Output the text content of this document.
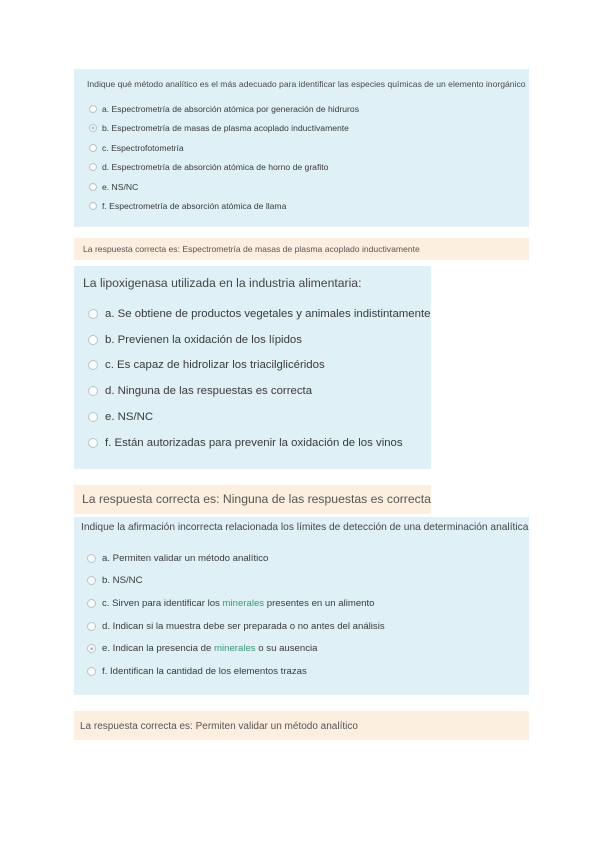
Indique qué método analítico es el más adecuado para identificar las especies químicas de un elemento inorgánico
a. Espectrometría de absorción atómica por generación de hidruros
b. Espectrometría de masas de plasma acoplado inductivamente
c. Espectrofotometría
d. Espectrometría de absorción atómica de horno de grafito
e. NS/NC
f. Espectrometría de absorción atómica de llama
La respuesta correcta es: Espectrometría de masas de plasma acoplado inductivamente
La lipoxigenasa utilizada en la industria alimentaria:
a. Se obtiene de productos vegetales y animales indistintamente
b. Previenen la oxidación de los lípidos
c. Es capaz de hidrolizar los triacilglicéridos
d. Ninguna de las respuestas es correcta
e. NS/NC
f. Están autorizadas para prevenir la oxidación de los vinos
La respuesta correcta es: Ninguna de las respuestas es correcta
Indique la afirmación incorrecta relacionada los límites de detección de una determinación analítica
a. Permiten validar un método analítico
b. NS/NC
c. Sirven para identificar los minerales presentes en un alimento
d. Indican si la muestra debe ser preparada o no antes del análisis
e. Indican la presencia de minerales o su ausencia
f. Identifican la cantidad de los elementos trazas
La respuesta correcta es: Permiten validar un método analítico
